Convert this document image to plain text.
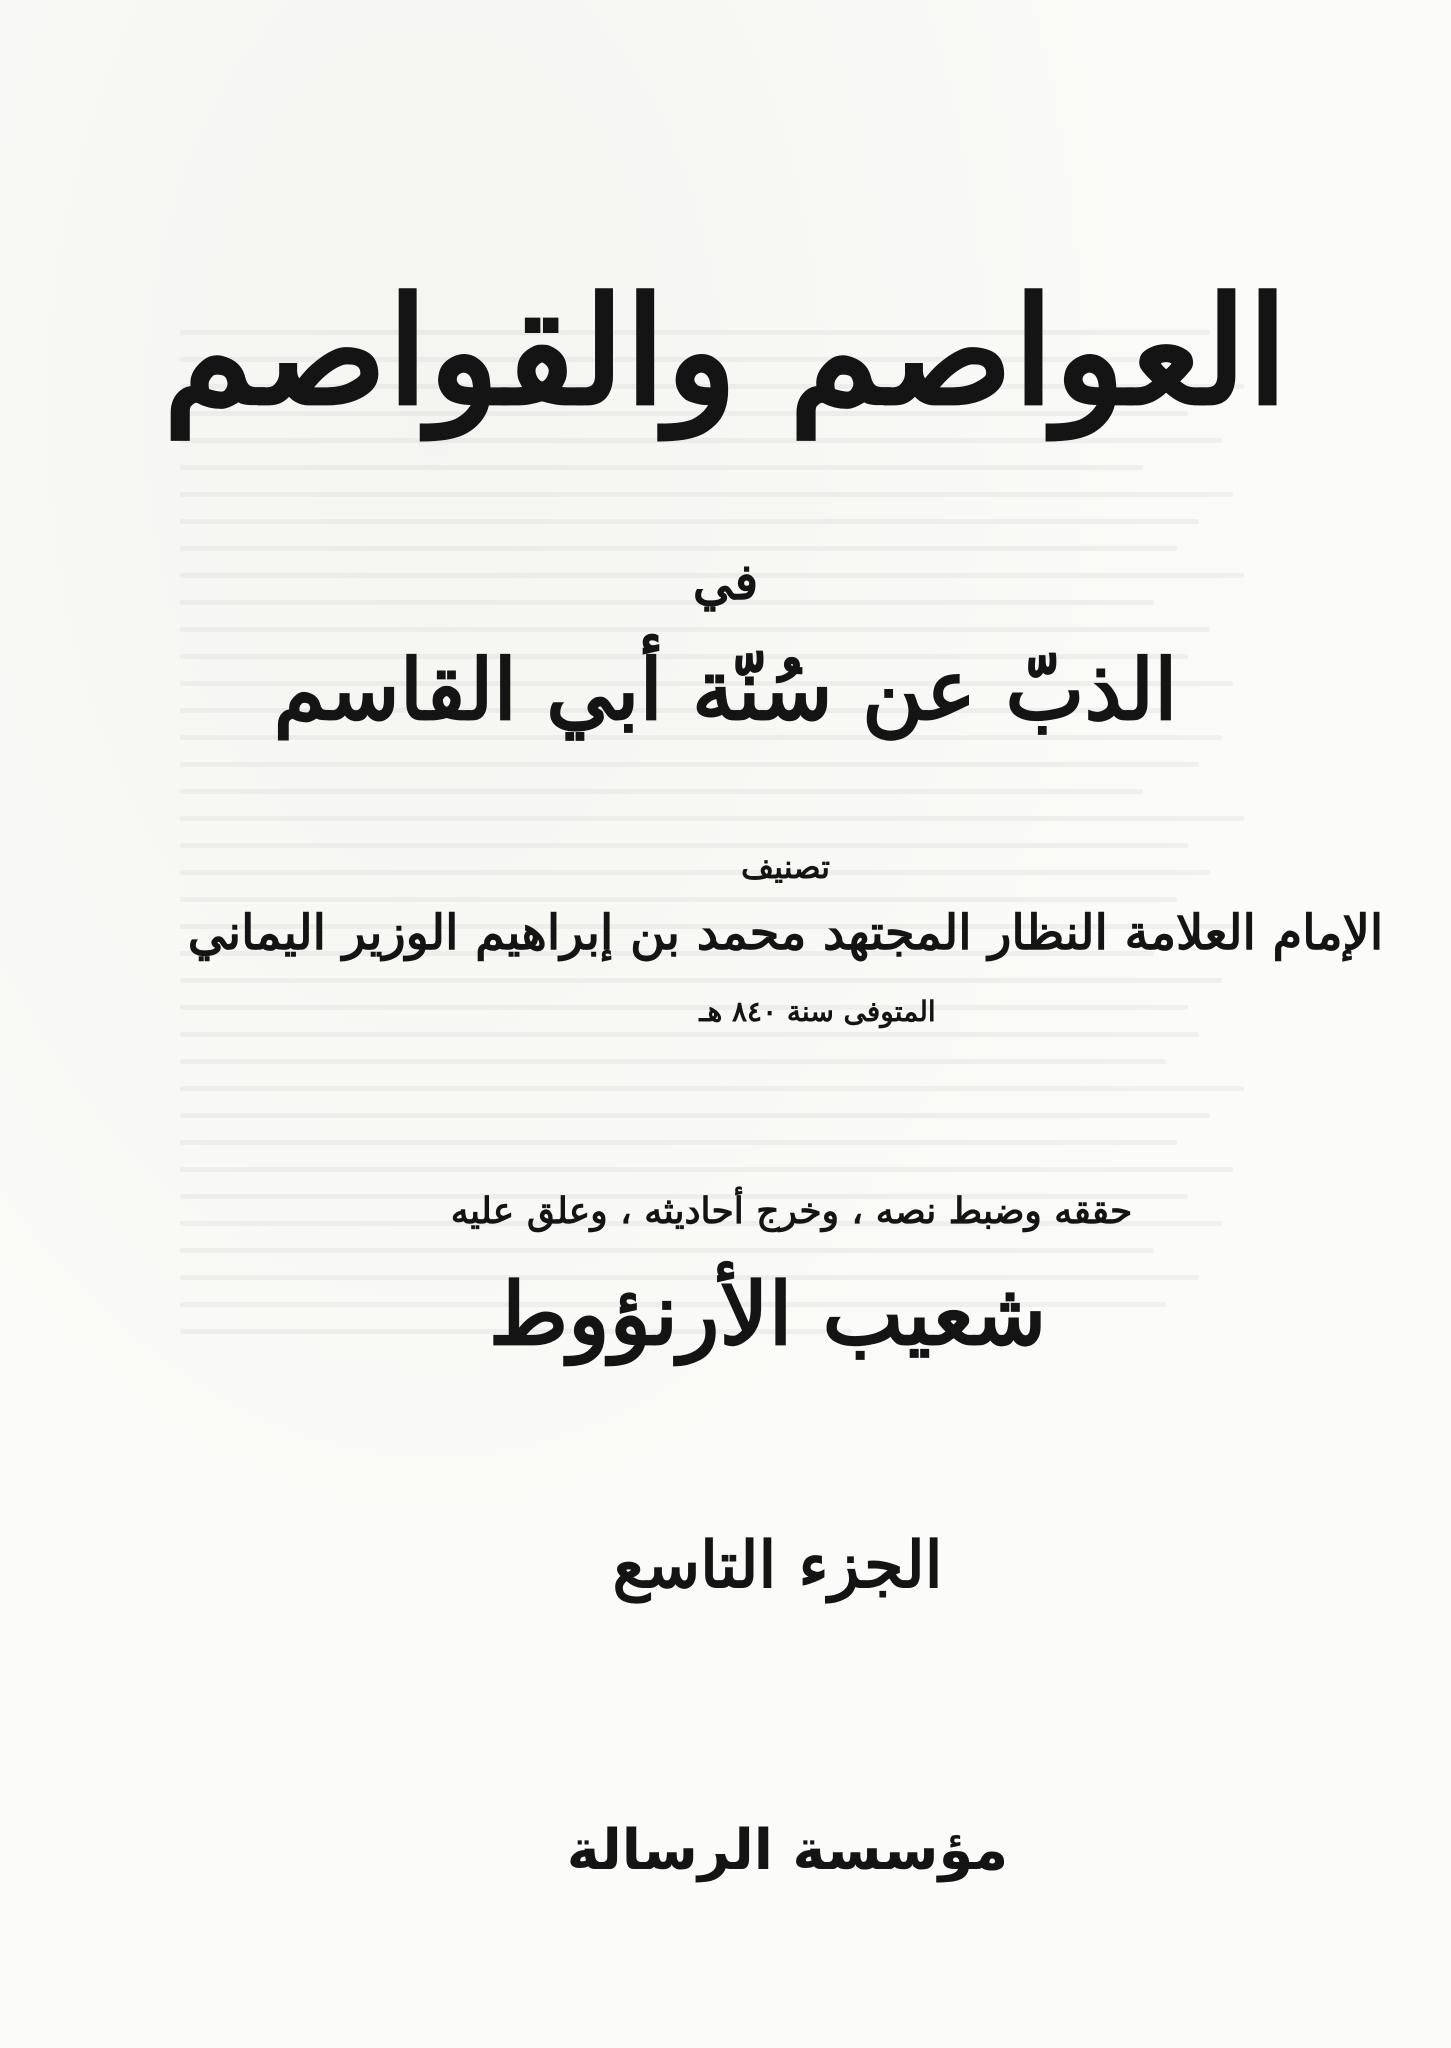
العواصم والقواصم
في
الذبّ عن سُنّة أبي القاسم
تصنيف
الإمام العلامة النظار المجتهد محمد بن إبراهيم الوزير اليماني
المتوفى سنة ٨٤٠ هـ
حققه وضبط نصه ، وخرج أحاديثه ، وعلق عليه
شعيب الأرنؤوط
الجزء التاسع
مؤسسة الرسالة
